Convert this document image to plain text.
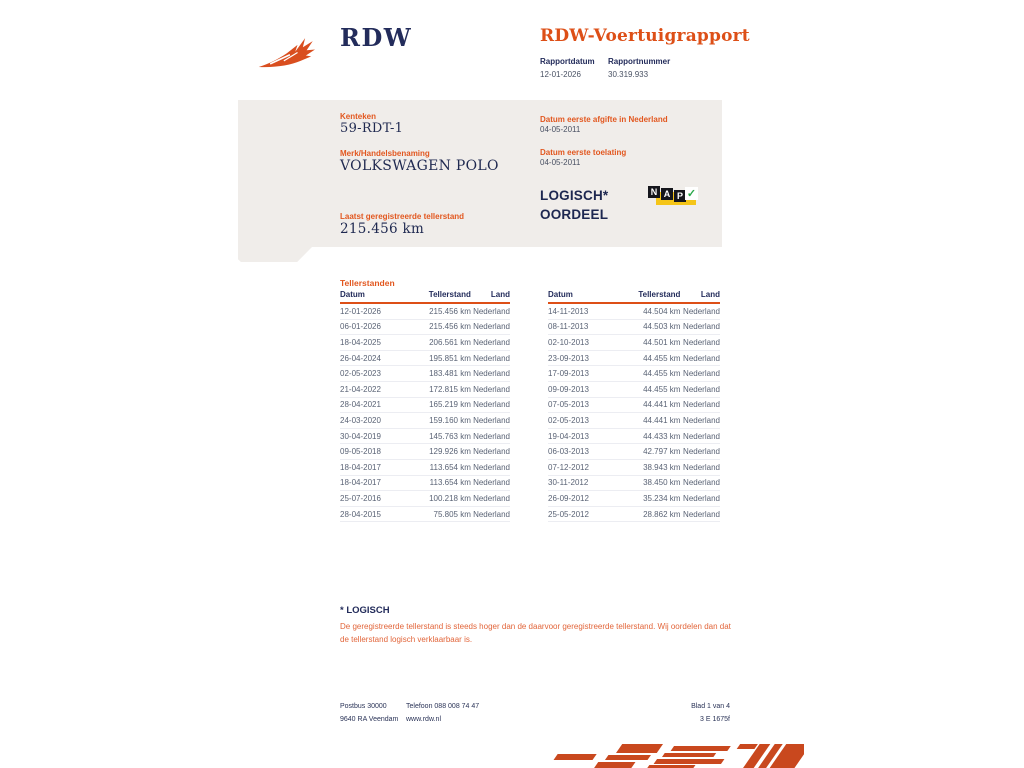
RDW	RDW-Voertuigrapport
Rapportdatum
12-01-2026
Rapportnummer
30.319.933
Kenteken
59-RDT-1
Merk/Handelsbenaming
VOLKSWAGEN POLO
Laatst geregistreerde tellerstand
215.456 km
Datum eerste afgifte in Nederland
04-05-2011
Datum eerste toelating
04-05-2011
LOGISCH*
OORDEEL
N A P ✓
Tellerstanden
Datum	Tellerstand	Land
12-01-2026	215.456 km Nederland
06-01-2026	215.456 km Nederland
18-04-2025	206.561 km Nederland
26-04-2024	195.851 km Nederland
02-05-2023	183.481 km Nederland
21-04-2022	172.815 km Nederland
28-04-2021	165.219 km Nederland
24-03-2020	159.160 km Nederland
30-04-2019	145.763 km Nederland
09-05-2018	129.926 km Nederland
18-04-2017	113.654 km Nederland
18-04-2017	113.654 km Nederland
25-07-2016	100.218 km Nederland
28-04-2015	75.805 km Nederland
Datum	Tellerstand	Land
14-11-2013	44.504 km Nederland
08-11-2013	44.503 km Nederland
02-10-2013	44.501 km Nederland
23-09-2013	44.455 km Nederland
17-09-2013	44.455 km Nederland
09-09-2013	44.455 km Nederland
07-05-2013	44.441 km Nederland
02-05-2013	44.441 km Nederland
19-04-2013	44.433 km Nederland
06-03-2013	42.797 km Nederland
07-12-2012	38.943 km Nederland
30-11-2012	38.450 km Nederland
26-09-2012	35.234 km Nederland
25-05-2012	28.862 km Nederland
* LOGISCH
De geregistreerde tellerstand is steeds hoger dan de daarvoor geregistreerde tellerstand. Wij oordelen dan dat de tellerstand logisch verklaarbaar is.
Postbus 30000
9640 RA Veendam
Telefoon 088 008 74 47
www.rdw.nl
Blad 1 van 4
3 E 1675f
